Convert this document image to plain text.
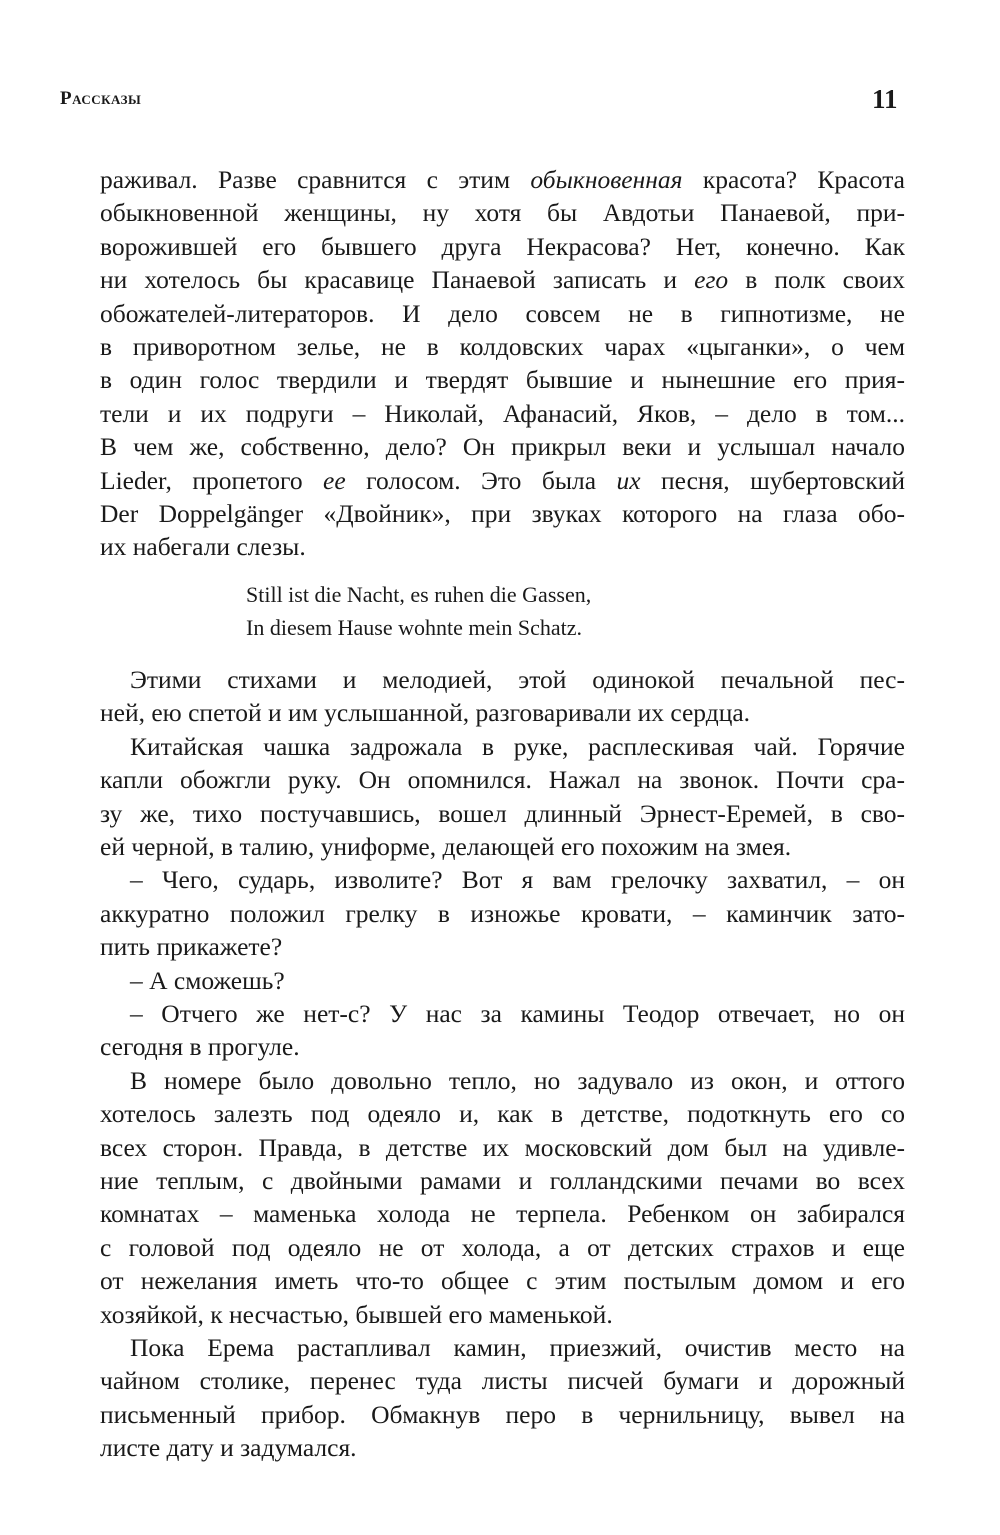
Рассказы	11
раживал. Разве сравнится с этим обыкновенная красота? Красота
обыкновенной женщины, ну хотя бы Авдотьи Панаевой, при-
ворожившей его бывшего друга Некрасова? Нет, конечно. Как
ни хотелось бы красавице Панаевой записать и его в полк своих
обожателей-литераторов. И дело совсем не в гипнотизме, не
в приворотном зелье, не в колдовских чарах «цыганки», о чем
в один голос твердили и твердят бывшие и нынешние его прия-
тели и их подруги – Николай, Афанасий, Яков, – дело в том...
В чем же, собственно, дело? Он прикрыл веки и услышал начало
Lieder, пропетого ее голосом. Это была их песня, шубертовский
Der Doppelgänger «Двойник», при звуках которого на глаза обо-
их набегали слезы.
Still ist die Nacht, es ruhen die Gassen,
In diesem Hause wohnte mein Schatz.
Этими стихами и мелодией, этой одинокой печальной пес-
ней, ею спетой и им услышанной, разговаривали их сердца.
Китайская чашка задрожала в руке, расплескивая чай. Горячие
капли обожгли руку. Он опомнился. Нажал на звонок. Почти сра-
зу же, тихо постучавшись, вошел длинный Эрнест-Еремей, в сво-
ей черной, в талию, униформе, делающей его похожим на змея.
– Чего, сударь, изволите? Вот я вам грелочку захватил, – он
аккуратно положил грелку в изножье кровати, – каминчик зато-
пить прикажете?
– А сможешь?
– Отчего же нет-с? У нас за камины Теодор отвечает, но он
сегодня в прогуле.
В номере было довольно тепло, но задувало из окон, и оттого
хотелось залезть под одеяло и, как в детстве, подоткнуть его со
всех сторон. Правда, в детстве их московский дом был на удивле-
ние теплым, с двойными рамами и голландскими печами во всех
комнатах – маменька холода не терпела. Ребенком он забирался
с головой под одеяло не от холода, а от детских страхов и еще
от нежелания иметь что-то общее с этим постылым домом и его
хозяйкой, к несчастью, бывшей его маменькой.
Пока Ерема растапливал камин, приезжий, очистив место на
чайном столике, перенес туда листы писчей бумаги и дорожный
письменный прибор. Обмакнув перо в чернильницу, вывел на
листе дату и задумался.
